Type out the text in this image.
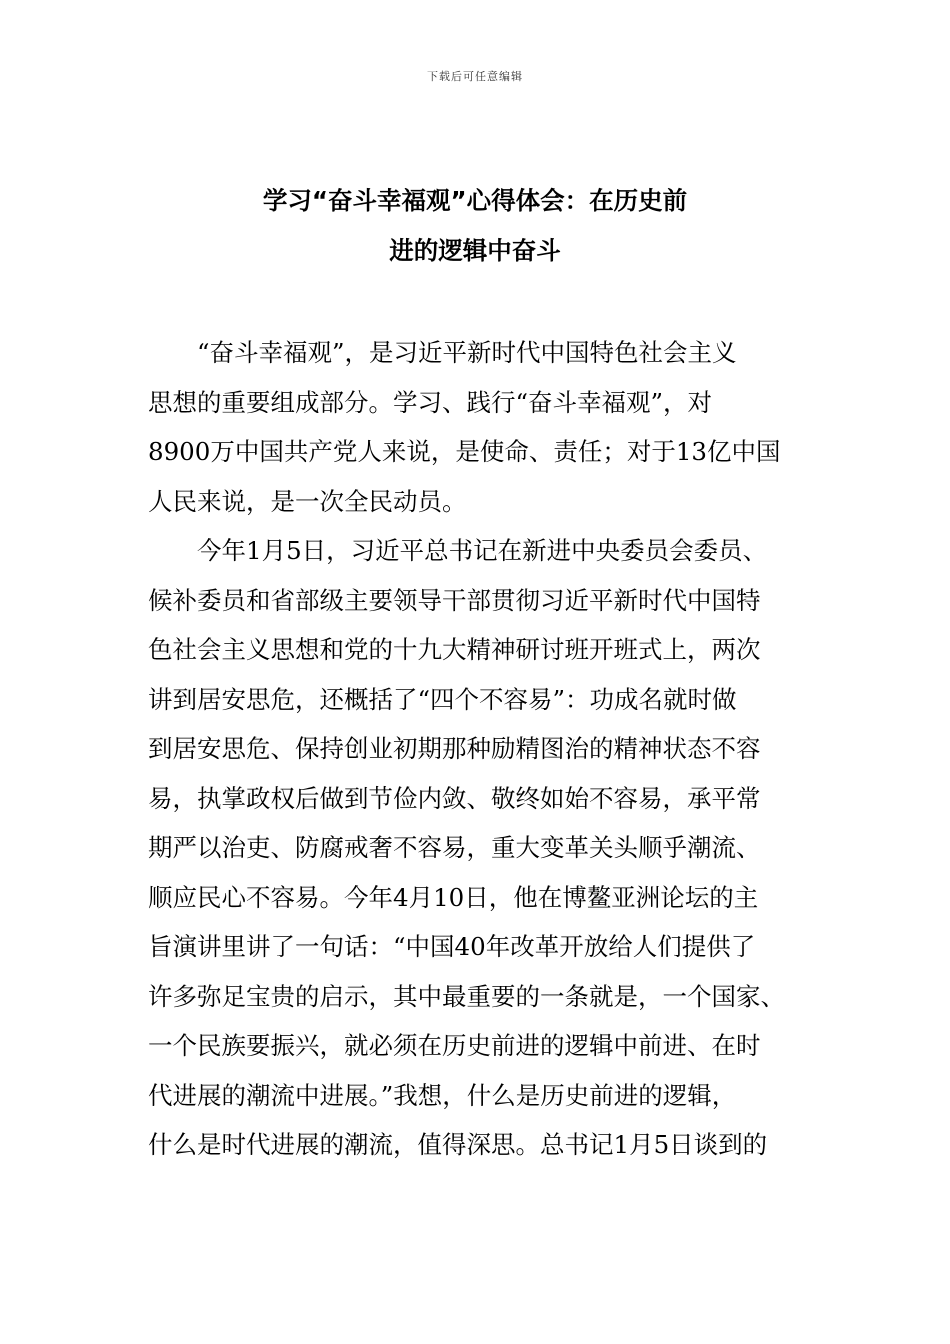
下载后可任意编辑
学习“奋斗幸福观”心得体会：在历史前
进的逻辑中奋斗
“奋斗幸福观”，是习近平新时代中国特色社会主义
思想的重要组成部分。学习、践行“奋斗幸福观”，对
8900万中国共产党人来说，是使命、责任；对于13亿中国
人民来说，是一次全民动员。
今年1月5日，习近平总书记在新进中央委员会委员、
候补委员和省部级主要领导干部贯彻习近平新时代中国特
色社会主义思想和党的十九大精神研讨班开班式上，两次
讲到居安思危，还概括了“四个不容易”：功成名就时做
到居安思危、保持创业初期那种励精图治的精神状态不容
易，执掌政权后做到节俭内敛、敬终如始不容易，承平常
期严以治吏、防腐戒奢不容易，重大变革关头顺乎潮流、
顺应民心不容易。今年4月10日，他在博鳌亚洲论坛的主
旨演讲里讲了一句话：“中国40年改革开放给人们提供了
许多弥足宝贵的启示，其中最重要的一条就是，一个国家、
一个民族要振兴，就必须在历史前进的逻辑中前进、在时
代进展的潮流中进展。”我想，什么是历史前进的逻辑，
什么是时代进展的潮流，值得深思。总书记1月5日谈到的
